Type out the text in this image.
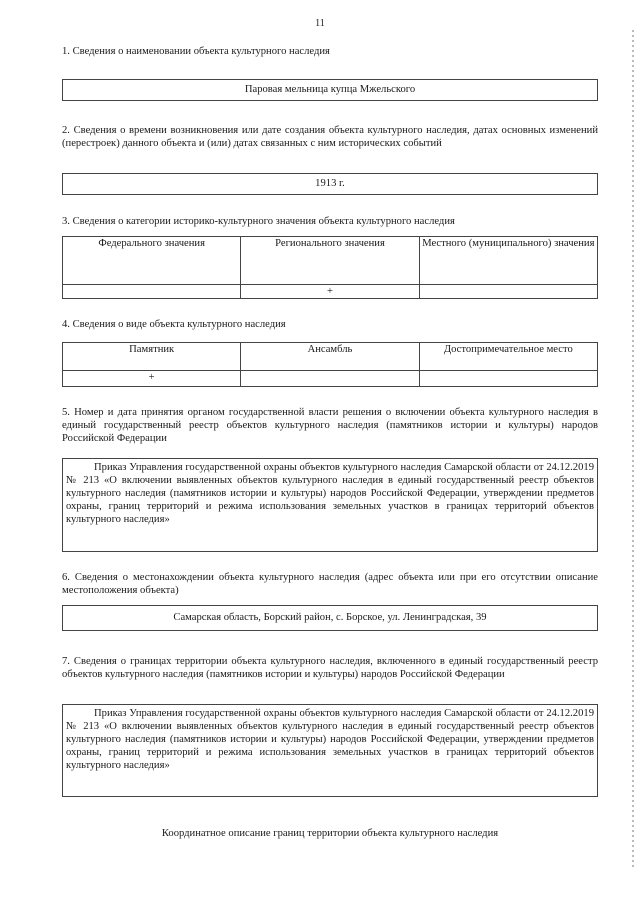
11
1. Сведения о наименовании объекта культурного наследия
Паровая мельница купца Мжельского
2. Сведения о времени возникновения или дате создания объекта культурного наследия, датах основных изменений (перестроек) данного объекта и (или) датах связанных с ним исторических событий
1913 г.
3. Сведения о категории историко-культурного значения объекта культурного наследия
Федерального значения	Регионального значения	Местного (муниципального) значения
	+	
4. Сведения о виде объекта культурного наследия
Памятник	Ансамбль	Достопримечательное место
+		
5. Номер и дата принятия органом государственной власти решения о включении объекта культурного наследия в единый государственный реестр объектов культурного наследия (памятников истории и культуры) народов Российской Федерации
Приказ Управления государственной охраны объектов культурного наследия Самарской области от 24.12.2019 № 213 «О включении выявленных объектов культурного наследия в единый государственный реестр объектов культурного наследия (памятников истории и культуры) народов Российской Федерации, утверждении предметов охраны, границ территорий и режима использования земельных участков в границах территорий объектов культурного наследия»
6. Сведения о местонахождении объекта культурного наследия (адрес объекта или при его отсутствии описание местоположения объекта)
Самарская область, Борский район, с. Борское, ул. Ленинградская, 39
7. Сведения о границах территории объекта культурного наследия, включенного в единый государственный реестр объектов культурного наследия (памятников истории и культуры) народов Российской Федерации
Приказ Управления государственной охраны объектов культурного наследия Самарской области от 24.12.2019 № 213 «О включении выявленных объектов культурного наследия в единый государственный реестр объектов культурного наследия (памятников истории и культуры) народов Российской Федерации, утверждении предметов охраны, границ территорий и режима использования земельных участков в границах территорий объектов культурного наследия»
Координатное описание границ территории объекта культурного наследия
